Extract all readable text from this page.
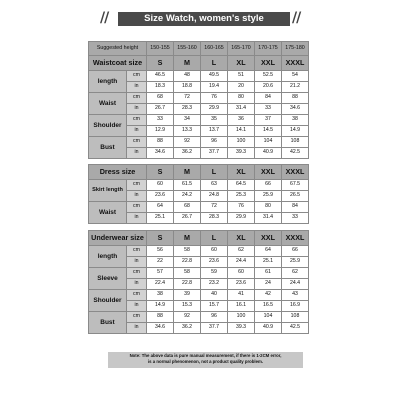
//	Size Watch, women's style	//
Suggested height		150-155	155-160	160-165	165-170	170-175	175-180
Waistcoat size		S	M	L	XL	XXL	XXXL
length	cm	46.5	48	49.5	51	52.5	54
	in	18.3	18.8	19.4	20	20.6	21.2
Waist	cm	68	72	76	80	84	88
	in	26.7	28.3	29.9	31.4	33	34.6
Shoulder	cm	33	34	35	36	37	38
	in	12.9	13.3	13.7	14.1	14.5	14.9
Bust	cm	88	92	96	100	104	108
	in	34.6	36.2	37.7	39.3	40.9	42.5
Dress size		S	M	L	XL	XXL	XXXL
Skirt length	cm	60	61.5	63	64.5	66	67.5
	in	23.6	24.2	24.8	25.3	25.9	26.5
Waist	cm	64	68	72	76	80	84
	in	25.1	26.7	28.3	29.9	31.4	33
Underwear size		S	M	L	XL	XXL	XXXL
length	cm	56	58	60	62	64	66
	in	22	22.8	23.6	24.4	25.1	25.9
Sleeve	cm	57	58	59	60	61	62
	in	22.4	22.8	23.2	23.6	24	24.4
Shoulder	cm	38	39	40	41	42	43
	in	14.9	15.3	15.7	16.1	16.5	16.9
Bust	cm	88	92	96	100	104	108
	in	34.6	36.2	37.7	39.3	40.9	42.5
Note: The above data is pure manual measurement, if there is 1-2CM error,
is a normal phenomenon, not a product quality problem.
